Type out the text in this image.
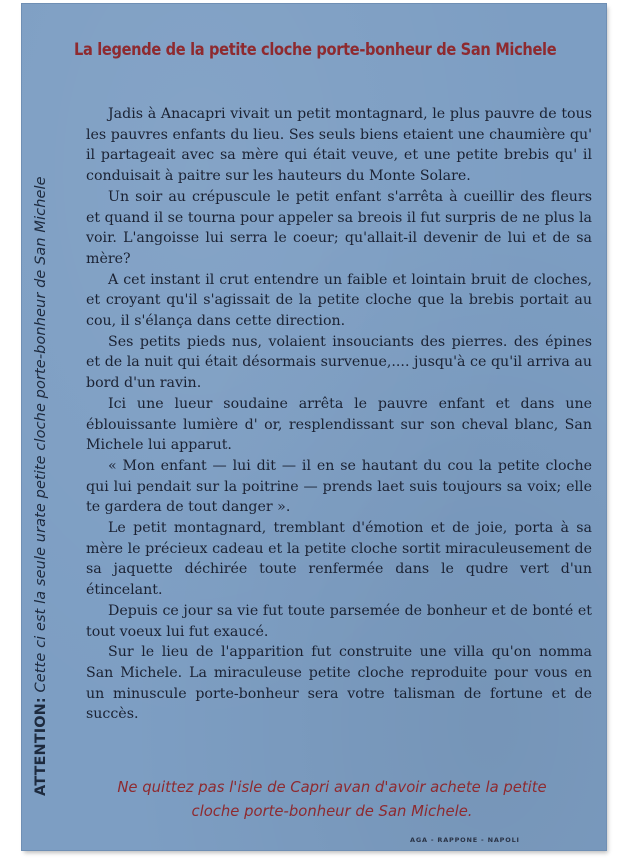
La legende de la petite cloche porte-bonheur de San Michele
ATTENTION: Cette ci est la seule urate petite cloche porte-bonheur de San Michele

Jadis à Anacapri vivait un petit montagnard, le plus pauvre de tous les pauvres enfants du lieu. Ses seuls biens etaient une chaumière qu' il partageait avec sa mère qui était veuve, et une petite brebis qu' il conduisait à paitre sur les hauteurs du Monte Solare.

Un soir au crépuscule le petit enfant s'arrêta à cueillir des fleurs et quand il se tourna pour appeler sa breois il fut surpris de ne plus la voir. L'angoisse lui serra le coeur; qu'allait-il devenir de lui et de sa mère?

A cet instant il crut entendre un faible et lointain bruit de cloches, et croyant qu'il s'agissait de la petite cloche que la brebis portait au cou, il s'élança dans cette direction.

Ses petits pieds nus, volaient insouciants des pierres. des épines et de la nuit qui était désormais survenue,.... jusqu'à ce qu'il arriva au bord d'un ravin.

Ici une lueur soudaine arrêta le pauvre enfant et dans une éblouissante lumière d' or, resplendissant sur son cheval blanc, San Michele lui apparut.

« Mon enfant — lui dit — il en se hautant du cou la petite cloche qui lui pendait sur la poitrine — prends laet suis toujours sa voix; elle te gardera de tout danger ».

Le petit montagnard, tremblant d'émotion et de joie, porta à sa mère le précieux cadeau et la petite cloche sortit miraculeusement de sa jaquette déchirée toute renfermée dans le qudre vert d'un étincelant.

Depuis ce jour sa vie fut toute parsemée de bonheur et de bonté et tout voeux lui fut exaucé.

Sur le lieu de l'apparition fut construite une villa qu'on nomma San Michele. La miraculeuse petite cloche reproduite pour vous en un minuscule porte-bonheur sera votre talisman de fortune et de succès.

Ne quittez pas l'isle de Capri avan d'avoir achete la petite
cloche porte-bonheur de San Michele.
AGA - RAPPONE - NAPOLI
